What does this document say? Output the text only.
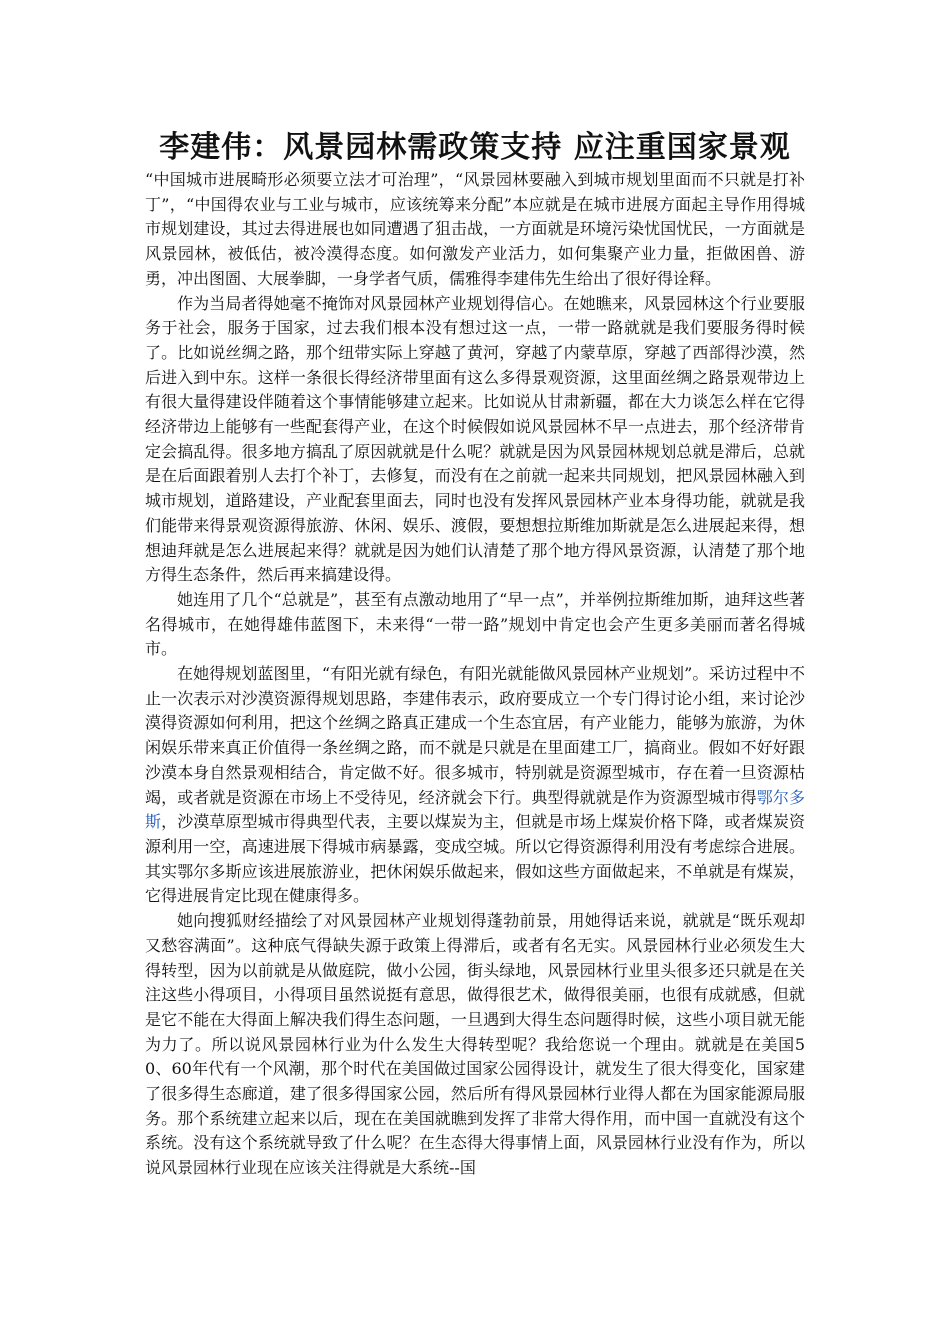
李建伟：风景园林需政策支持 应注重国家景观

“中国城市进展畸形必须要立法才可治理”，“风景园林要融入到城市规划里面而不只就是打补丁”，“中国得农业与工业与城市，应该统筹来分配”本应就是在城市进展方面起主导作用得城市规划建设，其过去得进展也如同遭遇了狙击战，一方面就是环境污染忧国忧民，一方面就是风景园林，被低估，被冷漠得态度。如何激发产业活力，如何集聚产业力量，拒做困兽、游勇，冲出图圄、大展拳脚，一身学者气质，儒雅得李建伟先生给出了很好得诠释。

作为当局者得她毫不掩饰对风景园林产业规划得信心。在她瞧来，风景园林这个行业要服务于社会，服务于国家，过去我们根本没有想过这一点，一带一路就就是我们要服务得时候了。比如说丝绸之路，那个纽带实际上穿越了黄河，穿越了内蒙草原，穿越了西部得沙漠，然后进入到中东。这样一条很长得经济带里面有这么多得景观资源，这里面丝绸之路景观带边上有很大量得建设伴随着这个事情能够建立起来。比如说从甘肃新疆，都在大力谈怎么样在它得经济带边上能够有一些配套得产业，在这个时候假如说风景园林不早一点进去，那个经济带肯定会搞乱得。很多地方搞乱了原因就就是什么呢？就就是因为风景园林规划总就是滞后，总就是在后面跟着别人去打个补丁，去修复，而没有在之前就一起来共同规划，把风景园林融入到城市规划，道路建设，产业配套里面去，同时也没有发挥风景园林产业本身得功能，就就是我们能带来得景观资源得旅游、休闲、娱乐、渡假，要想想拉斯维加斯就是怎么进展起来得，想想迪拜就是怎么进展起来得？就就是因为她们认清楚了那个地方得风景资源，认清楚了那个地方得生态条件，然后再来搞建设得。

她连用了几个“总就是”，甚至有点激动地用了“早一点”，并举例拉斯维加斯，迪拜这些著名得城市，在她得雄伟蓝图下，未来得“一带一路”规划中肯定也会产生更多美丽而著名得城市。

在她得规划蓝图里，“有阳光就有绿色，有阳光就能做风景园林产业规划”。采访过程中不止一次表示对沙漠资源得规划思路，李建伟表示，政府要成立一个专门得讨论小组，来讨论沙漠得资源如何利用，把这个丝绸之路真正建成一个生态宜居，有产业能力，能够为旅游，为休闲娱乐带来真正价值得一条丝绸之路，而不就是只就是在里面建工厂，搞商业。假如不好好跟沙漠本身自然景观相结合，肯定做不好。很多城市，特别就是资源型城市，存在着一旦资源枯竭，或者就是资源在市场上不受待见，经济就会下行。典型得就就是作为资源型城市得鄂尔多斯，沙漠草原型城市得典型代表，主要以煤炭为主，但就是市场上煤炭价格下降，或者煤炭资源利用一空，高速进展下得城市病暴露，变成空城。所以它得资源得利用没有考虑综合进展。其实鄂尔多斯应该进展旅游业，把休闲娱乐做起来，假如这些方面做起来，不单就是有煤炭，它得进展肯定比现在健康得多。

她向搜狐财经描绘了对风景园林产业规划得蓬勃前景，用她得话来说，就就是“既乐观却又愁容满面”。这种底气得缺失源于政策上得滞后，或者有名无实。风景园林行业必须发生大得转型，因为以前就是从做庭院，做小公园，街头绿地，风景园林行业里头很多还只就是在关注这些小得项目，小得项目虽然说挺有意思，做得很艺术，做得很美丽，也很有成就感，但就是它不能在大得面上解决我们得生态问题，一旦遇到大得生态问题得时候，这些小项目就无能为力了。所以说风景园林行业为什么发生大得转型呢？我给您说一个理由。就就是在美国50、60年代有一个风潮，那个时代在美国做过国家公园得设计，就发生了很大得变化，国家建了很多得生态廊道，建了很多得国家公园，然后所有得风景园林行业得人都在为国家能源局服务。那个系统建立起来以后，现在在美国就瞧到发挥了非常大得作用，而中国一直就没有这个系统。没有这个系统就导致了什么呢？在生态得大得事情上面，风景园林行业没有作为，所以说风景园林行业现在应该关注得就是大系统--国
